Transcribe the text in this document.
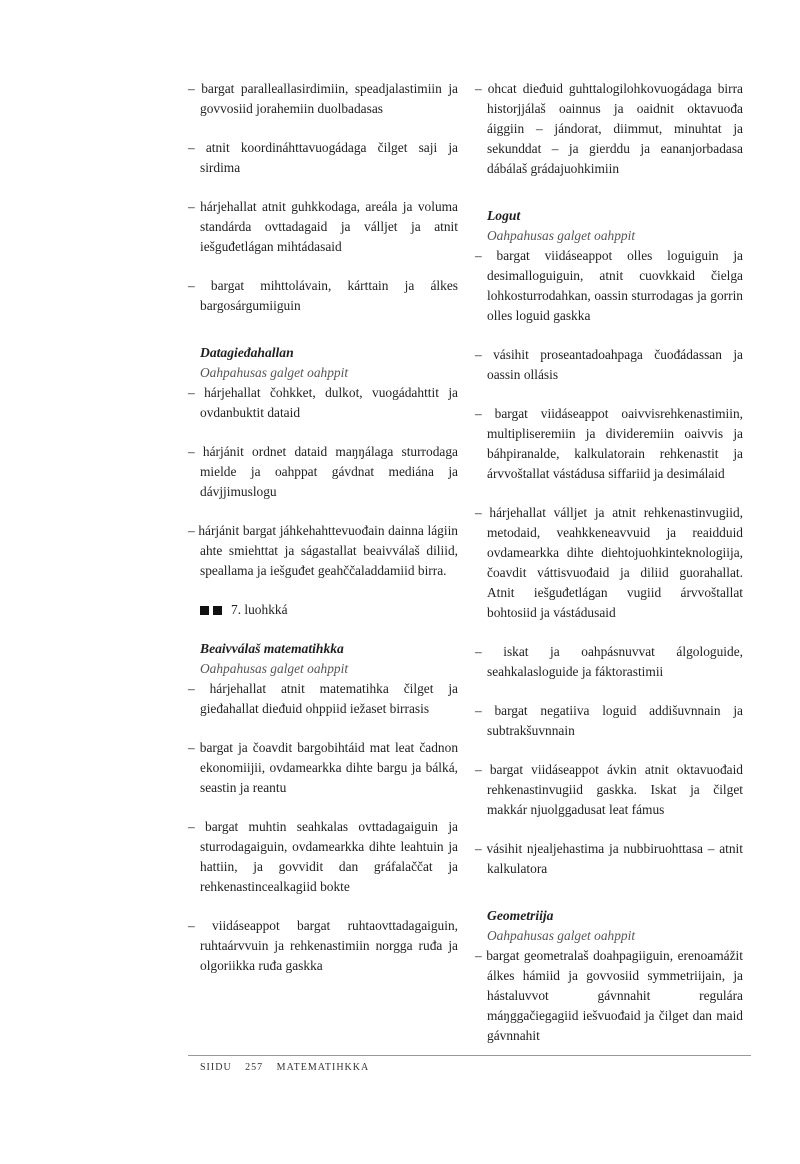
– bargat paralleallasirdimiin, speadjalastimiin ja govvosiid jorahemiin duolbadasas

– atnit koordináhttavuogádaga čilget saji ja sirdima

– hárjehallat atnit guhkkodaga, areála ja voluma standárda ovttadagaid ja válljet ja atnit iešguđetlágan mihtádasaid

– bargat mihttolávain, kárttain ja álkes bargosárgumiiguin

Datagieđahallan

Oahpahusas galget oahppit

– hárjehallat čohkket, dulkot, vuogádahttit ja ovdanbuktit dataid

– hárjánit ordnet dataid maŋŋálaga sturrodaga mielde ja oahppat gávdnat mediána ja dávjjimuslogu

– hárjánit bargat jáhkehahttevuođain dainna lágiin ahte smiehttat ja ságastallat beaivválaš diliid, speallama ja iešguđet geahččaladdamiid birra.

7. luohkká

Beaivválaš matematihkka

Oahpahusas galget oahppit

– hárjehallat atnit matematihka čilget ja gieđahallat dieđuid ohppiid iežaset birrasis

– bargat ja čoavdit bargobihtáid mat leat čadnon ekonomiijii, ovdamearkka dihte bargu ja bálká, seastin ja reantu

– bargat muhtin seahkalas ovttadagaiguin ja sturrodagaiguin, ovdamearkka dihte leahtuin ja hattiin, ja govvidit dan gráfalaččat ja rehkenastincealkagiid bokte

– viidáseappot bargat ruhtaovttadagaiguin, ruhtaárvvuin ja rehkenastimiin norgga ruđa ja olgoriikka ruđa gaskka

– ohcat dieđuid guhttalogilohkovuogádaga birra historjjálaš oainnus ja oaidnit oktavuođa áiggiin – jándorat, diimmut, minuhtat ja sekunddat – ja gierddu ja eananjorbadasa dábálaš grádajuohkimiin

Logut

Oahpahusas galget oahppit

– bargat viidáseappot olles loguiguin ja desimalloguiguin, atnit cuovkkaid čielga lohkosturrodahkan, oassin sturrodagas ja gorrin olles loguid gaskka

– vásihit proseantadoahpaga čuođádassan ja oassin ollásis

– bargat viidáseappot oaivvisrehkenastimiin, multipliseremiin ja divideremiin oaivvis ja báhpiranalde, kalkulatorain rehkenastit ja árvvoštallat vástádusa siffariid ja desimálaid

– hárjehallat válljet ja atnit rehkenastinvugiid, metodaid, veahkkeneavvuid ja reaidduid ovdamearkka dihte diehtojuohkinteknologiija, čoavdit váttisvuođaid ja diliid guorahallat. Atnit iešguđetlágan vugiid árvvoštallat bohtosiid ja vástádusaid

– iskat ja oahpásnuvvat álgologuide, seahkalasloguide ja fáktorastimii

– bargat negatiiva loguid addišuvnnain ja subtrakšuvnnain

– bargat viidáseappot ávkin atnit oktavuođaid rehkenastinvugiid gaskka. Iskat ja čilget makkár njuolggadusat leat fámus

– vásihit njealjehastima ja nubbiruohttasa – atnit kalkulatora

Geometriija

Oahpahusas galget oahppit

– bargat geometralaš doahpagiiguin, erenoamážit álkes hámiid ja govvosiid symmetriijain, ja hástaluvvot gávnnahit regulára máŋggačiegagiid iešvuođaid ja čilget dan maid gávnnahit

SIIDU 257 MATEMATIHKKA
